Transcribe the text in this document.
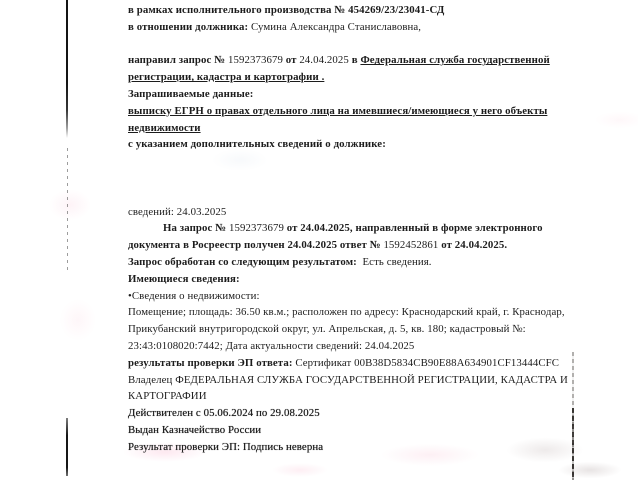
в рамках исполнительного производства № 454269/23/23041-СД
в отношении должника: Сумина Александра Станиславовна,

направил запрос № 1592373679 от 24.04.2025 в Федеральная служба государственной регистрации, кадастра и картографии .
Запрашиваемые данные:
выписку ЕГРН о правах отдельного лица на имевшиеся/имеющиеся у него объекты недвижимости
с указанием дополнительных сведений о должнике:

сведений: 24.03.2025
На запрос № 1592373679 от 24.04.2025, направленный в форме электронного документа в Росреестр получен 24.04.2025 ответ № 1592452861 от 24.04.2025.
Запрос обработан со следующим результатом:  Есть сведения.
Имеющиеся сведения:
•Сведения о недвижимости:
Помещение; площадь: 36.50 кв.м.; расположен по адресу: Краснодарский край, г. Краснодар, Прикубанский внутригородской округ, ул. Апрельская, д. 5, кв. 180; кадастровый №: 23:43:0108020:7442; Дата актуальности сведений: 24.04.2025
результаты проверки ЭП ответа: Сертификат 00B38D5834CB90E88A634901CF13444CFC
Владелец ФЕДЕРАЛЬНАЯ СЛУЖБА ГОСУДАРСТВЕННОЙ РЕГИСТРАЦИИ, КАДАСТРА И КАРТОГРАФИИ
Действителен с 05.06.2024 по 29.08.2025
Выдан Казначейство России
Результат проверки ЭП: Подпись неверна
